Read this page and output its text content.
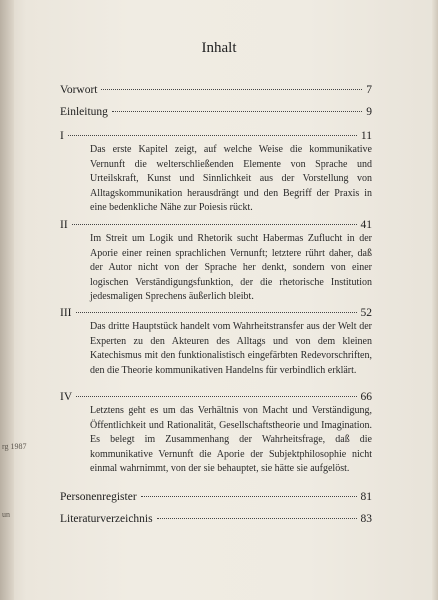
rg 1987
un
Inhalt
Vorwort	7
Einleitung	9
I	11
Das erste Kapitel zeigt, auf welche Weise die kommunikative Vernunft die welterschließenden Elemente von Sprache und Urteilskraft, Kunst und Sinnlichkeit aus der Vorstellung von Alltagskommunikation herausdrängt und den Begriff der Praxis in eine bedenkliche Nähe zur Poiesis rückt.
II	41
Im Streit um Logik und Rhetorik sucht Habermas Zuflucht in der Aporie einer reinen sprachlichen Vernunft; letztere rührt daher, daß der Autor nicht von der Sprache her denkt, sondern von einer logischen Verständigungsfunktion, der die rhetorische Institution jedesmaligen Sprechens äußerlich bleibt.
III	52
Das dritte Hauptstück handelt vom Wahrheitstransfer aus der Welt der Experten zu den Akteuren des Alltags und von dem kleinen Katechismus mit den funktionalistisch eingefärbten Redevorschriften, den die Theorie kommunikativen Handelns für verbindlich erklärt.
IV	66
Letztens geht es um das Verhältnis von Macht und Verständigung, Öffentlichkeit und Rationalität, Gesellschaftstheorie und Imagination. Es belegt im Zusammenhang der Wahrheitsfrage, daß die kommunikative Vernunft die Aporie der Subjektphilosophie nicht einmal wahrnimmt, von der sie behauptet, sie hätte sie aufgelöst.
Personenregister	81
Literaturverzeichnis	83
